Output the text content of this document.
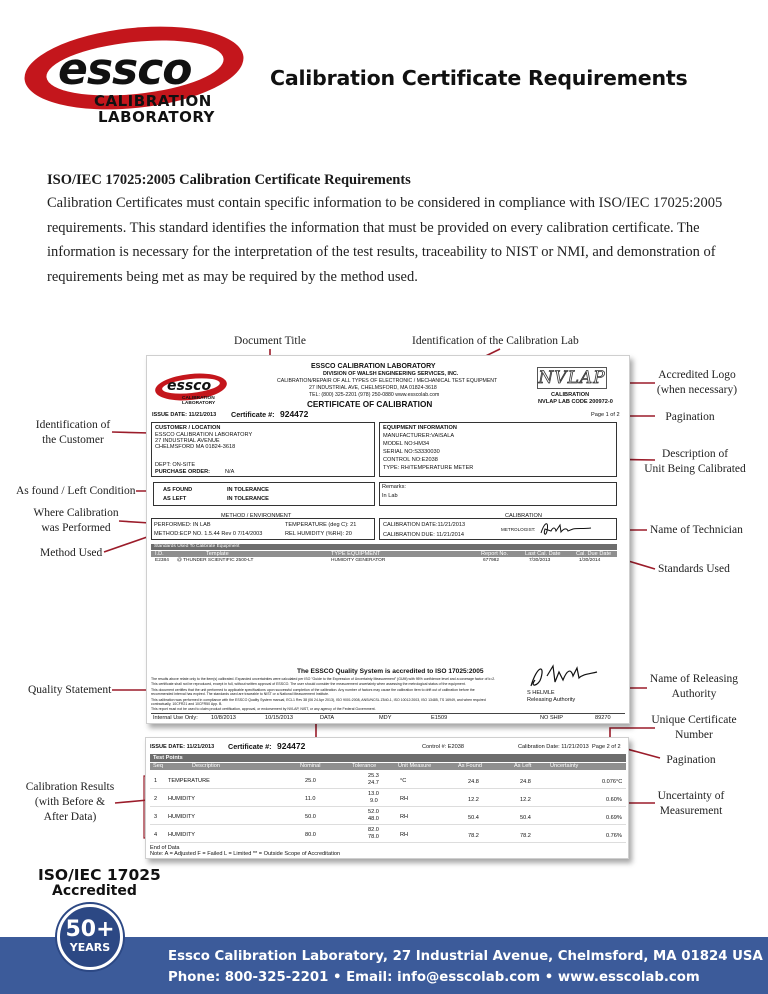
essco
CALIBRATION
LABORATORY
Calibration Certificate Requirements
ISO/IEC 17025:2005 Calibration Certificate Requirements
Calibration Certificates must contain specific information to be considered in compliance with ISO/IEC 17025:2005 requirements. This standard identifies the information that must be provided on every calibration certificate. The information is necessary for the interpretation of the test results, traceability to NIST or NMI, and demonstration of requirements being met as may be required by the method used.
Document Title	Identification of the Calibration Lab
Accredited Logo
(when necessary)
Pagination
Identification of
the Customer
Description of
Unit Being Calibrated
As found / Left Condition
Where Calibration
was Performed	Name of Technician
Method Used
Standards Used
Quality Statement
Name of Releasing
Authority
Unique Certificate
Number
Pagination
Calibration Results
(with Before &
After Data)
Uncertainty of
Measurement
essco
CALIBRATION
LABORATORY
ESSCO CALIBRATION LABORATORY
DIVISION OF WALSH ENGINEERING SERVICES, INC.
CALIBRATION/REPAIR OF ALL TYPES OF ELECTRONIC / MECHANICAL TEST EQUIPMENT
27 INDUSTRIAL AVE, CHELMSFORD, MA 01824-3618
TEL: (800) 325-2201 (978) 250-0880 www.esscolab.com
CERTIFICATE OF CALIBRATION
NVLAP
CALIBRATION
NVLAP LAB CODE 200972-0
ISSUE DATE: 11/21/2013 Certificate #: 924472	Page 1 of 2
CUSTOMER / LOCATION
ESSCO CALIBRATION LABORATORY
27 INDUSTRIAL AVENUE
CHELMSFORD MA 01824-3618
DEPT: ON-SITE
PURCHASE ORDER:	N/A
EQUIPMENT INFORMATION
MANUFACTURER:VAISALA
MODEL NO:HM34
SERIAL NO:S3330030
CONTROL NO:E2038
TYPE: RH/TEMPERATURE METER
AS FOUND	IN TOLERANCE
AS LEFT	IN TOLERANCE
Remarks:
In Lab
METHOD / ENVIRONMENT	CALIBRATION
PERFORMED: IN LAB	TEMPERATURE (deg C): 21
METHOD:ECP NO. 1.5.44 Rev 0 7/14/2003	REL HUMIDITY (%RH): 20
CALIBRATION DATE:11/21/2013
CALIBRATION DUE: 11/21/2014
METROLOGIST:
Standards Used To Calibrate Equipment
I.D.	Template	TYPE EQUIPMENT	Report No.	Last Cal. Date	Cal. Due Date
E2384 @ THUNDER SCIENTIFIC 2500-LT	HUMIDITY GENERATOR	677982	7/30/2013	1/30/2014
The ESSCO Quality System is accredited to ISO 17025:2005
The results above relate only to the item(s) calibrated. Expanded uncertainties were calculated per ISO "Guide to the Expression of Uncertainty Measurement" (GUM) with 95% confidence level and a coverage factor of k=2.
This certificate shall not be reproduced, except in full, without written approval of ESSCO. The user should consider the measurement uncertainty when assessing the metrological status of the equipment.
This document certifies that the unit performed to applicable specifications upon successful completion of the calibration. Any number of factors may cause the calibration item to drift out of calibration before the
recommended interval has expired. The standards used are traceable to NIST or a National Measurement Institute.
This calibration was performed in compliance with the ESSCO Quality System manual, ECL1 Rev 38 (06 24 Apr 2013), ISO 9001:2008, ANSI/NCSL Z540-1, ISO 10012:2003, ISO 13485, TS 16949, and when required
contractually, 10CFR21 and 10CFR50 App. B.
This report must not be used to claim product certification, approval, or endorsement by NVLAP, NIST, or any agency of the Federal Government.
S HELMLE
Releasing Authority
Internal Use Only: 10/8/2013	10/15/2013	DATA	MDY	E1509	NO SHIP	89270
ISSUE DATE: 11/21/2013 Certificate #: 924472	Control #: E2038	Calibration Date: 11/21/2013 Page 2 of 2
Test Points
Seq	Description	Nominal	Tolerance	Unit Measure	As Found	As Left	Uncertainty
1 TEMPERATURE	25.0
25.3
24.7	°C	24.8	24.8	0.076°C
2 HUMIDITY	11.0
13.0
9.0	RH	12.2	12.2	0.60%
3 HUMIDITY	50.0
52.0
48.0	RH	50.4	50.4	0.69%
4 HUMIDITY	80.0
82.0
78.0	RH	78.2	78.2	0.76%
End of Data
Note: A = Adjusted F = Failed L = Limited ** = Outside Scope of Accreditation
ISO/IEC 17025
Accredited
50+
YEARS
Essco Calibration Laboratory, 27 Industrial Avenue, Chelmsford, MA 01824 USA
Phone: 800-325-2201 • Email: info@esscolab.com • www.esscolab.com
